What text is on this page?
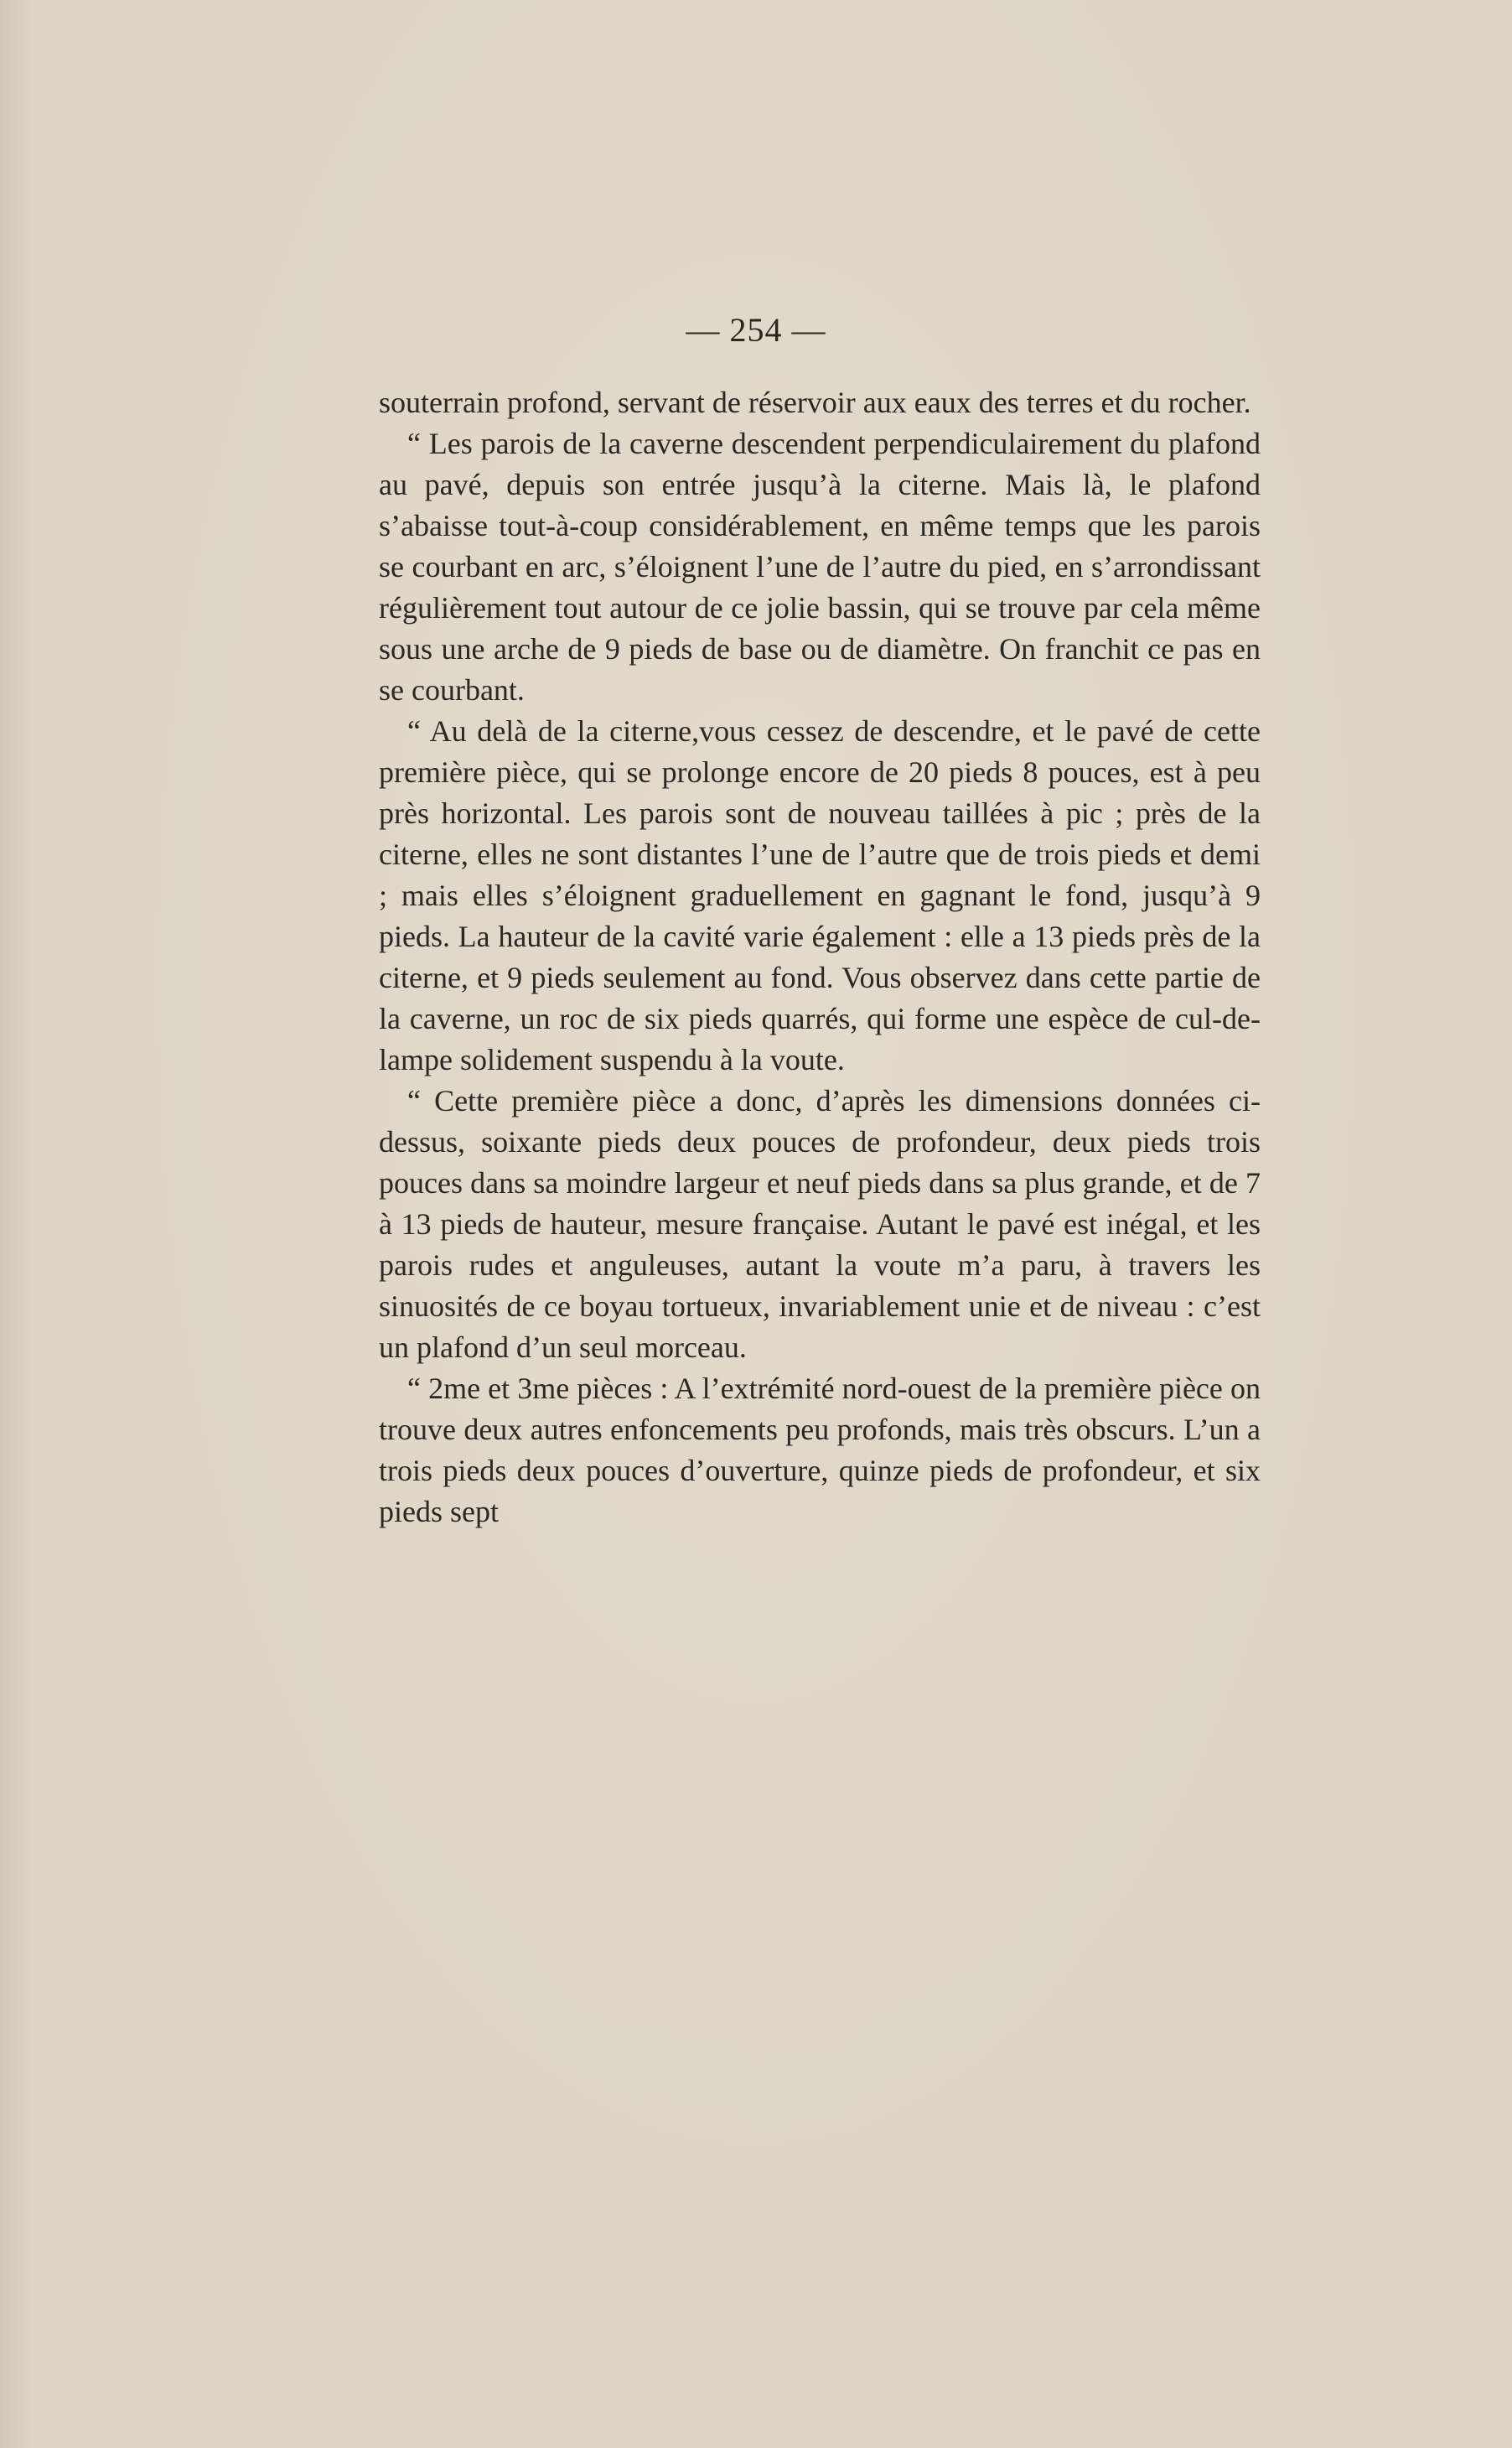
— 254 —

souterrain profond, servant de réservoir aux eaux des terres et du rocher.

“ Les parois de la caverne descendent perpendiculairement du plafond au pavé, depuis son entrée jusqu’à la citerne. Mais là, le plafond s’abaisse tout-à-coup considérablement, en même temps que les parois se courbant en arc, s’éloignent l’une de l’autre du pied, en s’arrondissant régulièrement tout autour de ce jolie bassin, qui se trouve par cela même sous une arche de 9 pieds de base ou de diamètre. On franchit ce pas en se courbant.

“ Au delà de la citerne,vous cessez de descendre, et le pavé de cette première pièce, qui se prolonge encore de 20 pieds 8 pouces, est à peu près horizontal. Les parois sont de nouveau taillées à pic ; près de la citerne, elles ne sont distantes l’une de l’autre que de trois pieds et demi ; mais elles s’éloignent graduellement en gagnant le fond, jusqu’à 9 pieds. La hauteur de la cavité varie également : elle a 13 pieds près de la citerne, et 9 pieds seulement au fond. Vous observez dans cette partie de la caverne, un roc de six pieds quarrés, qui forme une espèce de cul-de-lampe solidement suspendu à la voute.

“ Cette première pièce a donc, d’après les dimensions données ci-dessus, soixante pieds deux pouces de profondeur, deux pieds trois pouces dans sa moindre largeur et neuf pieds dans sa plus grande, et de 7 à 13 pieds de hauteur, mesure française. Autant le pavé est inégal, et les parois rudes et anguleuses, autant la voute m’a paru, à travers les sinuosités de ce boyau tortueux, invariablement unie et de niveau : c’est un plafond d’un seul morceau.

“ 2me et 3me pièces : A l’extrémité nord-ouest de la première pièce on trouve deux autres enfoncements peu profonds, mais très obscurs. L’un a trois pieds deux pouces d’ouverture, quinze pieds de profondeur, et six pieds sept
